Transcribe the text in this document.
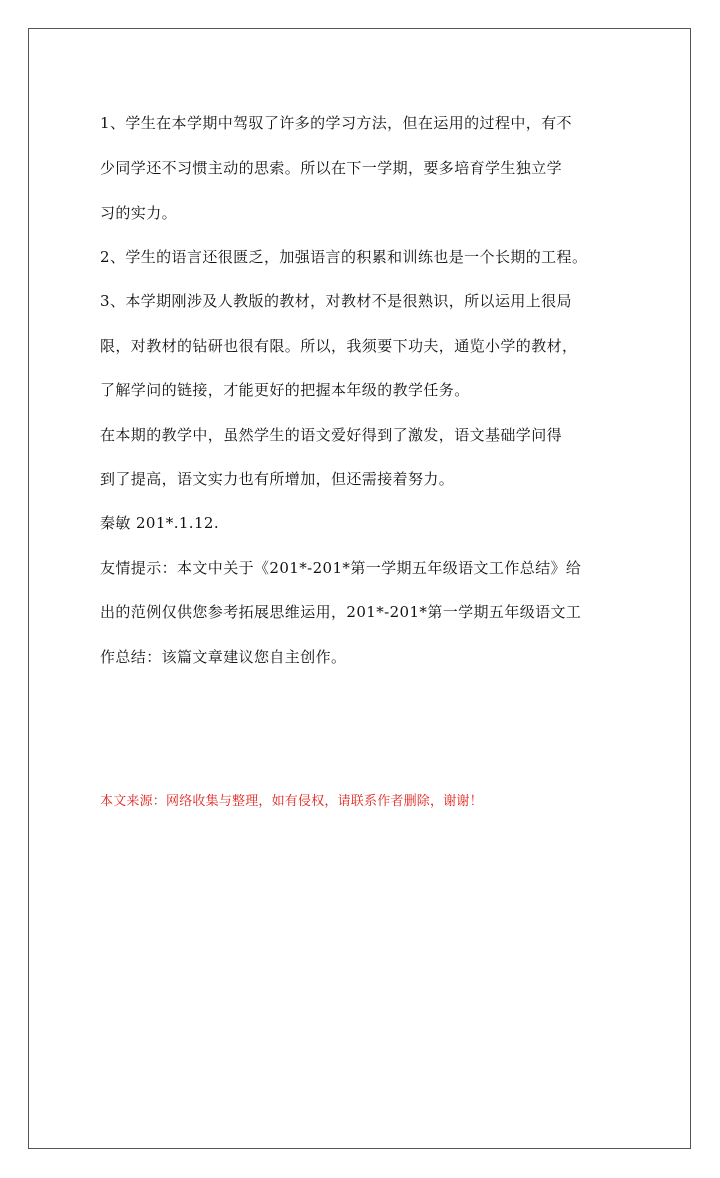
1、学生在本学期中驾驭了许多的学习方法，但在运用的过程中，有不
少同学还不习惯主动的思索。所以在下一学期，要多培育学生独立学
习的实力。
2、学生的语言还很匮乏，加强语言的积累和训练也是一个长期的工程。
3、本学期刚涉及人教版的教材，对教材不是很熟识，所以运用上很局
限，对教材的钻研也很有限。所以，我须要下功夫，通览小学的教材，
了解学问的链接，才能更好的把握本年级的教学任务。
在本期的教学中，虽然学生的语文爱好得到了激发，语文基础学问得
到了提高，语文实力也有所增加，但还需接着努力。
秦敏 201*.1.12.
友情提示：本文中关于《201*-201*第一学期五年级语文工作总结》给
出的范例仅供您参考拓展思维运用，201*-201*第一学期五年级语文工
作总结：该篇文章建议您自主创作。
本文来源：网络收集与整理，如有侵权，请联系作者删除，谢谢！
